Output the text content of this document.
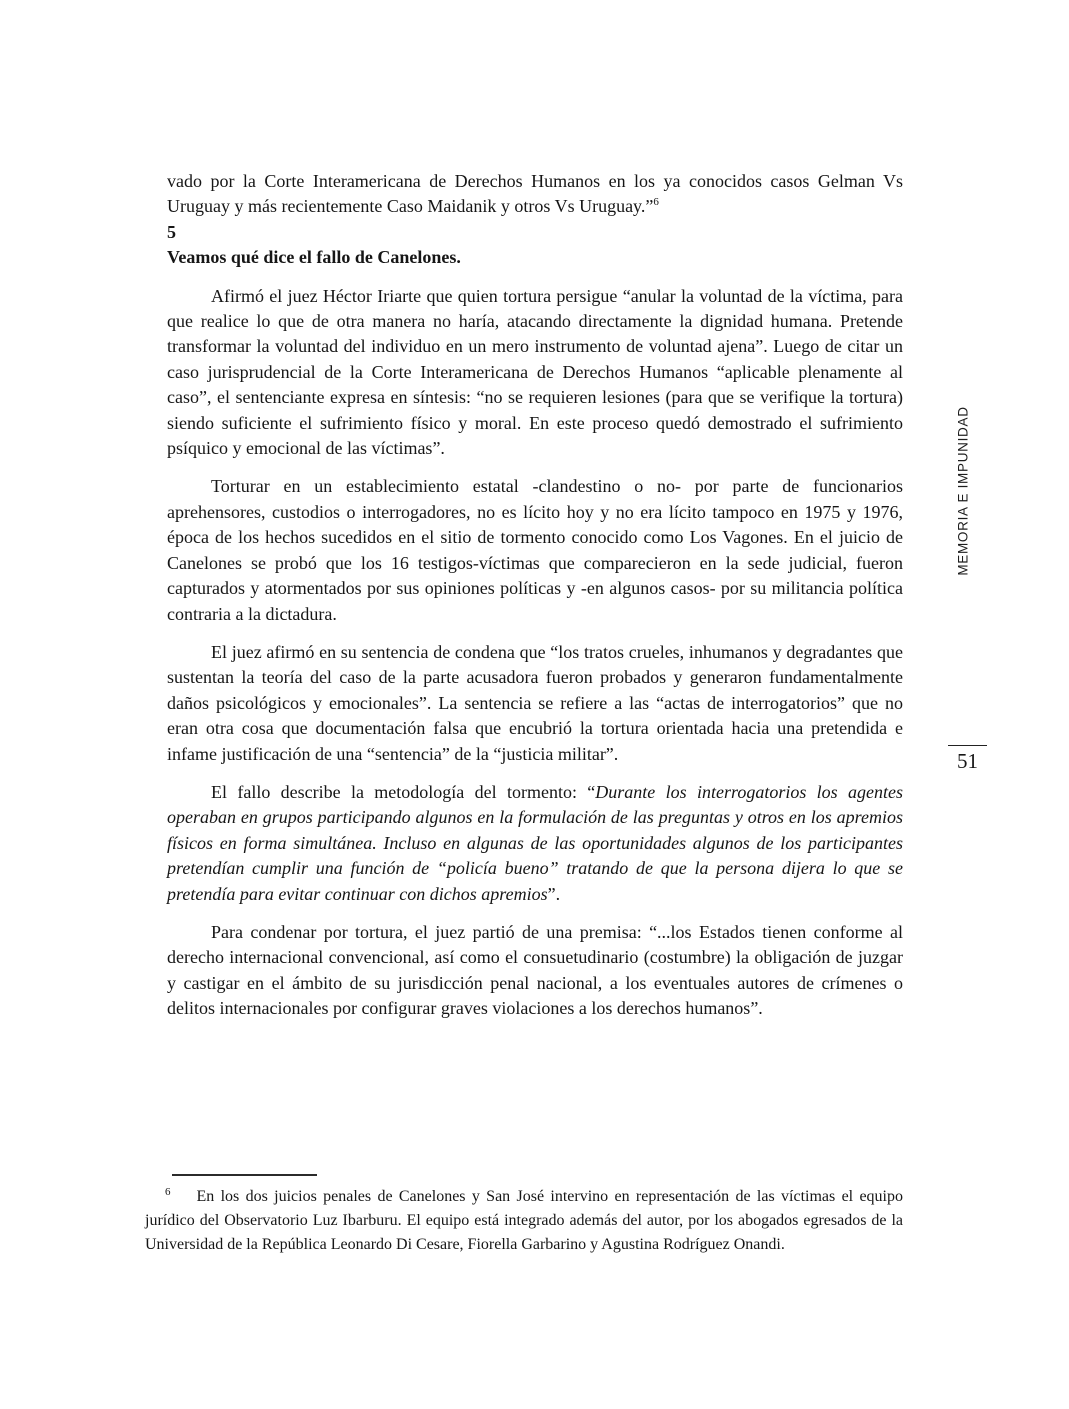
vado por la Corte Interamericana de Derechos Humanos en los ya conocidos casos Gelman Vs Uruguay y más recientemente Caso Maidanik y otros Vs Uruguay.”$^6$

5

Veamos qué dice el fallo de Canelones.

Afirmó el juez Héctor Iriarte que quien tortura persigue “anular la voluntad de la víctima, para que realice lo que de otra manera no haría, atacando directamente la dignidad humana. Pretende transformar la voluntad del individuo en un mero instrumento de voluntad ajena”. Luego de citar un caso jurisprudencial de la Corte Interamericana de Derechos Humanos “aplicable plenamente al caso”, el sentenciante expresa en síntesis: “no se requieren lesiones (para que se verifique la tortura) siendo suficiente el sufrimiento físico y moral. En este proceso quedó demostrado el sufrimiento psíquico y emocional de las víctimas”.

Torturar en un establecimiento estatal -clandestino o no- por parte de funcionarios aprehensores, custodios o interrogadores, no es lícito hoy y no era lícito tampoco en 1975 y 1976, época de los hechos sucedidos en el sitio de tormento conocido como Los Vagones. En el juicio de Canelones se probó que los 16 testigos-víctimas que comparecieron en la sede judicial, fueron capturados y atormentados por sus opiniones políticas y -en algunos casos- por su militancia política contraria a la dictadura.

El juez afirmó en su sentencia de condena que “los tratos crueles, inhumanos y degradantes que sustentan la teoría del caso de la parte acusadora fueron probados y generaron fundamentalmente daños psicológicos y emocionales”. La sentencia se refiere a las “actas de interrogatorios” que no eran otra cosa que documentación falsa que encubrió la tortura orientada hacia una pretendida e infame justificación de una “sentencia” de la “justicia militar”.

El fallo describe la metodología del tormento: “Durante los interrogatorios los agentes operaban en grupos participando algunos en la formulación de las preguntas y otros en los apremios físicos en forma simultánea. Incluso en algunas de las oportunidades algunos de los participantes pretendían cumplir una función de “policía bueno” tratando de que la persona dijera lo que se pretendía para evitar continuar con dichos apremios”.

Para condenar por tortura, el juez partió de una premisa: “...los Estados tienen conforme al derecho internacional convencional, así como el consuetudinario (costumbre) la obligación de juzgar y castigar en el ámbito de su jurisdicción penal nacional, a los eventuales autores de crímenes o delitos internacionales por configurar graves violaciones a los derechos humanos”.

$^6$ En los dos juicios penales de Canelones y San José intervino en representación de las víctimas el equipo jurídico del Observatorio Luz Ibarburu. El equipo está integrado además del autor, por los abogados egresados de la Universidad de la República Leonardo Di Cesare, Fiorella Garbarino y Agustina Rodríguez Onandi.

MEMORIA E IMPUNIDAD
51
